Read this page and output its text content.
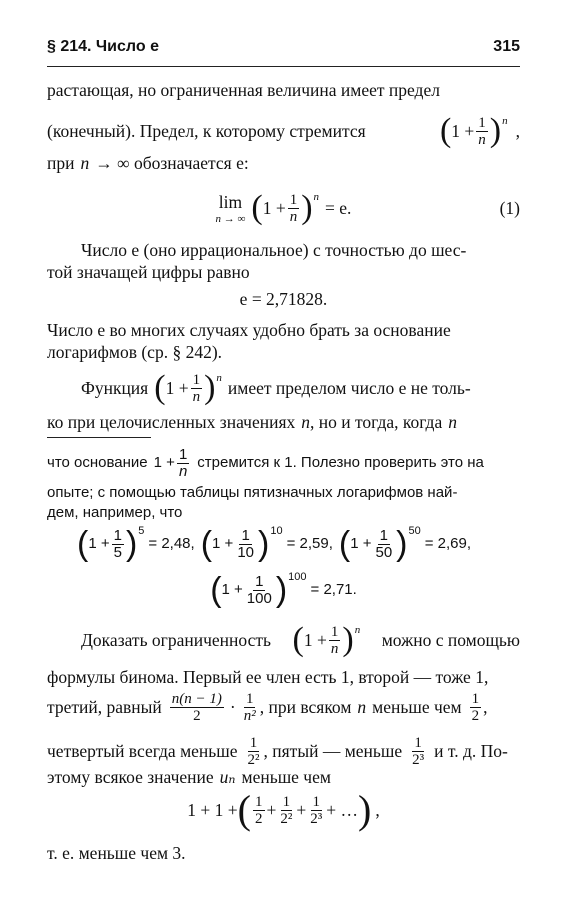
§ 214. Число e	315
растающая, но ограниченная величина имеет предел
(конечный). Предел, к которому стремится ( $1 + \frac{1}{n}$ ) n ,
при n → ∞ обозначается e:
lim
n → ∞ ( $1 + \frac{1}{n}$ ) n
= e.	(1)
Число e (оно иррациональное) с точностью до шес-
той значащей цифры равно
e = 2,71828.
Число e во многих случаях удобно брать за основание
логарифмов (ср. § 242).
Функция ( $1 + \frac{1}{n}$ ) n имеет пределом число e не толь-
ко при целочисленных значениях n , но и тогда, когда n
что основание $1 + \frac{1}{n}$ стремится к 1. Полезно проверить это на
опыте; с помощью таблицы пятизначных логарифмов най-
дем, например, что
( $1 + \frac{1}{5}$ ) 5
= 2,48, ( $1 + \frac{1}{10}$ ) 10
= 2,59, ( $1 + \frac{1}{50}$ ) 50
= 2,69,
( $1 + \frac{1}{100}$ ) 100
= 2,71.
Доказать ограниченность ( $1 + \frac{1}{n}$ ) n можно с помощью
формулы бинома. Первый ее член есть 1, второй — тоже 1,
третий, равный $\frac{n(n - 1)}{2} \cdot \frac{1}{\text{n²}}$ , при всяком n меньше чем $\frac{1}{2}$ ,
четвертый всегда меньше $\frac{1}{\text{2²}}$ , пятый — меньше $\frac{1}{\text{2³}}$ и т. д. По-
этому всякое значение uₙ меньше чем
1 + 1 + ( $\frac{1}{2} + \frac{1}{\text{2²}} + \frac{1}{\text{2³}}$ + … ) ,
т. е. меньше чем 3.
